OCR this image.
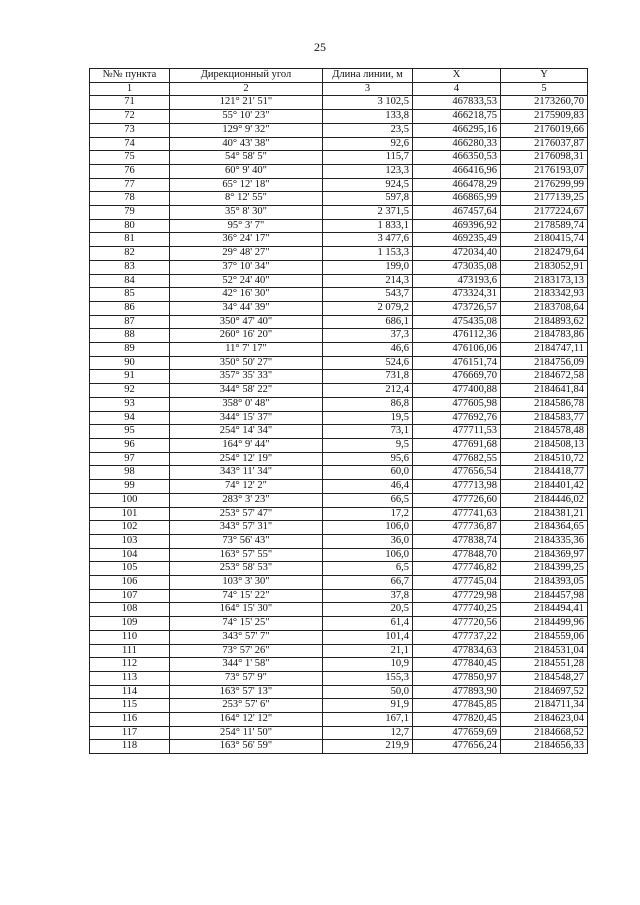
25
№№ пункта	Дирекционный угол	Длина линии, м	X	Y
1	2	3	4	5
71	121° 21' 51"	3 102,5	467833,53	2173260,70
72	55° 10' 23"	133,8	466218,75	2175909,83
73	129° 9' 32"	23,5	466295,16	2176019,66
74	40° 43' 38"	92,6	466280,33	2176037,87
75	54° 58' 5"	115,7	466350,53	2176098,31
76	60° 9' 40"	123,3	466416,96	2176193,07
77	65° 12' 18"	924,5	466478,29	2176299,99
78	8° 12' 55"	597,8	466865,99	2177139,25
79	35° 8' 30"	2 371,5	467457,64	2177224,67
80	95° 3' 7"	1 833,1	469396,92	2178589,74
81	36° 24' 17"	3 477,6	469235,49	2180415,74
82	29° 48' 27"	1 153,3	472034,40	2182479,64
83	37° 10' 34"	199,0	473035,08	2183052,91
84	52° 24' 40"	214,3	473193,6	2183173,13
85	42° 16' 30"	543,7	473324,31	2183342,93
86	34° 44' 39"	2 079,2	473726,57	2183708,64
87	350° 47' 40"	686,1	475435,08	2184893,62
88	260° 16' 20"	37,3	476112,36	2184783,86
89	11° 7' 17"	46,6	476106,06	2184747,11
90	350° 50' 27"	524,6	476151,74	2184756,09
91	357° 35' 33"	731,8	476669,70	2184672,58
92	344° 58' 22"	212,4	477400,88	2184641,84
93	358° 0' 48"	86,8	477605,98	2184586,78
94	344° 15' 37"	19,5	477692,76	2184583,77
95	254° 14' 34"	73,1	477711,53	2184578,48
96	164° 9' 44"	9,5	477691,68	2184508,13
97	254° 12' 19"	95,6	477682,55	2184510,72
98	343° 11' 34"	60,0	477656,54	2184418,77
99	74° 12' 2"	46,4	477713,98	2184401,42
100	283° 3' 23"	66,5	477726,60	2184446,02
101	253° 57' 47"	17,2	477741,63	2184381,21
102	343° 57' 31"	106,0	477736,87	2184364,65
103	73° 56' 43"	36,0	477838,74	2184335,36
104	163° 57' 55"	106,0	477848,70	2184369,97
105	253° 58' 53"	6,5	477746,82	2184399,25
106	103° 3' 30"	66,7	477745,04	2184393,05
107	74° 15' 22"	37,8	477729,98	2184457,98
108	164° 15' 30"	20,5	477740,25	2184494,41
109	74° 15' 25"	61,4	477720,56	2184499,96
110	343° 57' 7"	101,4	477737,22	2184559,06
111	73° 57' 26"	21,1	477834,63	2184531,04
112	344° 1' 58"	10,9	477840,45	2184551,28
113	73° 57' 9"	155,3	477850,97	2184548,27
114	163° 57' 13"	50,0	477893,90	2184697,52
115	253° 57' 6"	91,9	477845,85	2184711,34
116	164° 12' 12"	167,1	477820,45	2184623,04
117	254° 11' 50"	12,7	477659,69	2184668,52
118	163° 56' 59"	219,9	477656,24	2184656,33
